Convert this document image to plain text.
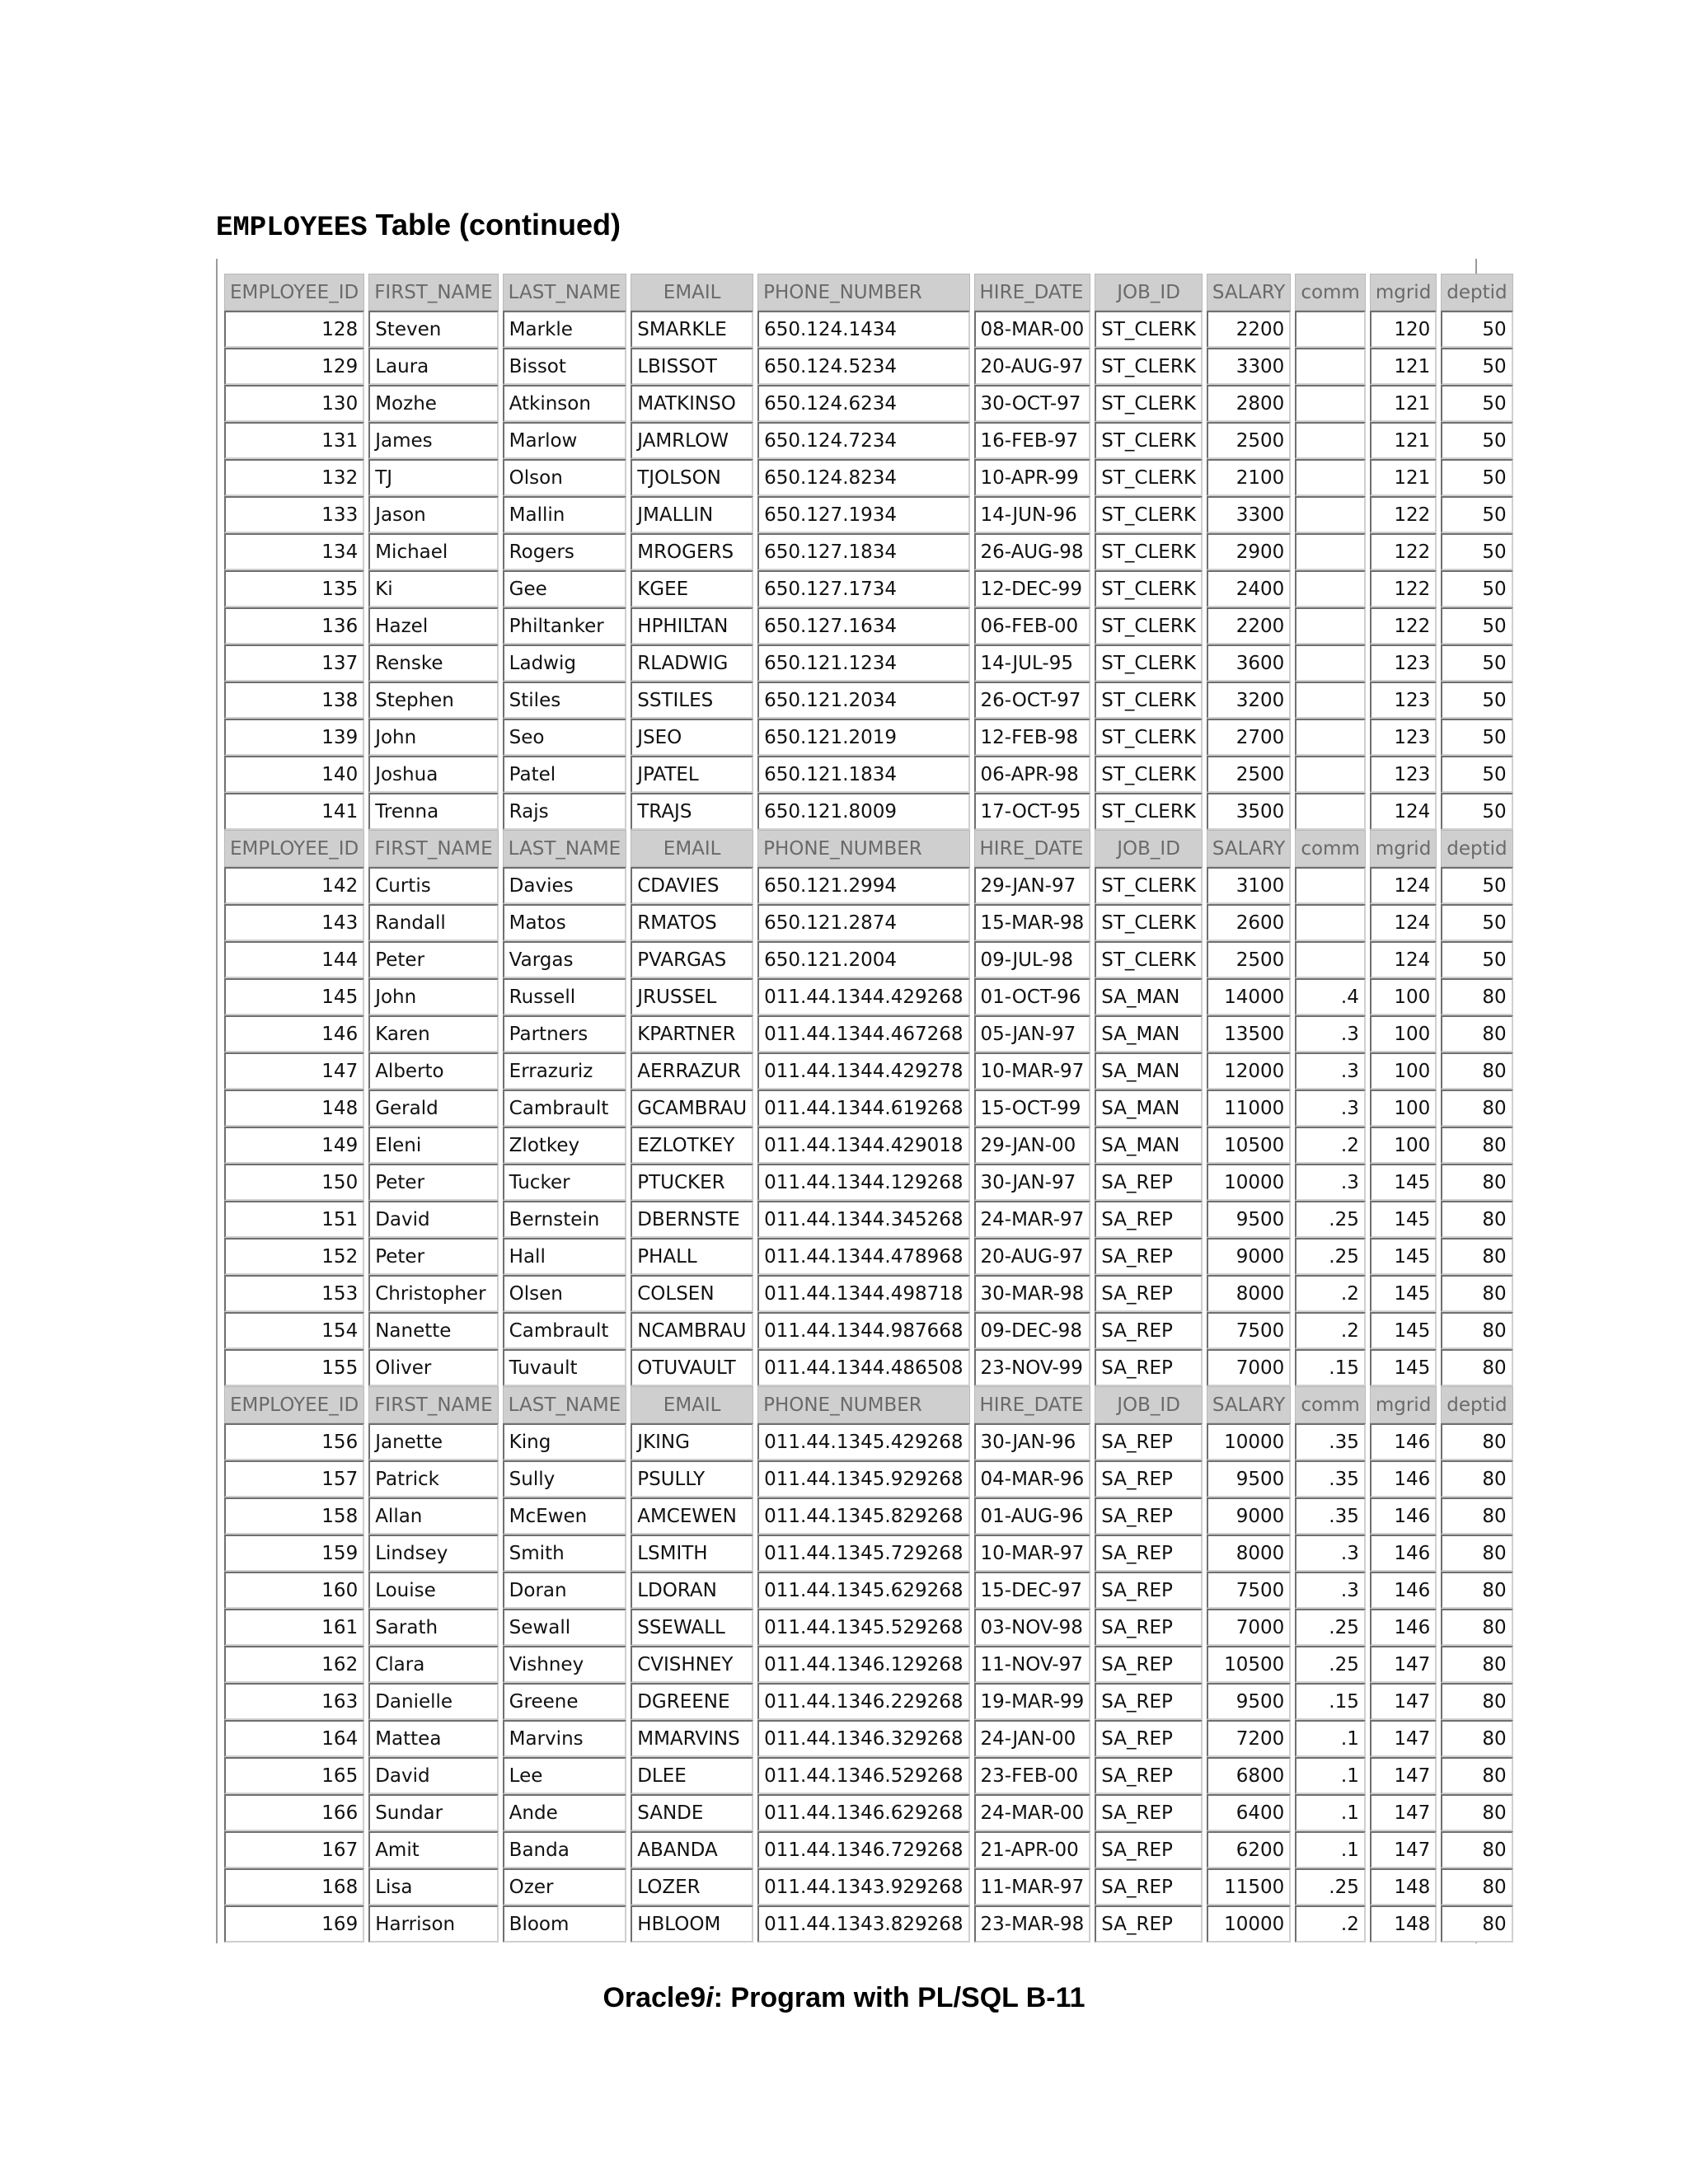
EMPLOYEES Table (continued)
EMPLOYEE_ID	FIRST_NAME	LAST_NAME	EMAIL	PHONE_NUMBER	HIRE_DATE	JOB_ID	SALARY	comm	mgrid	deptid
128	Steven	Markle	SMARKLE	650.124.1434	08-MAR-00	ST_CLERK	2200		120	50
129	Laura	Bissot	LBISSOT	650.124.5234	20-AUG-97	ST_CLERK	3300		121	50
130	Mozhe	Atkinson	MATKINSO	650.124.6234	30-OCT-97	ST_CLERK	2800		121	50
131	James	Marlow	JAMRLOW	650.124.7234	16-FEB-97	ST_CLERK	2500		121	50
132	TJ	Olson	TJOLSON	650.124.8234	10-APR-99	ST_CLERK	2100		121	50
133	Jason	Mallin	JMALLIN	650.127.1934	14-JUN-96	ST_CLERK	3300		122	50
134	Michael	Rogers	MROGERS	650.127.1834	26-AUG-98	ST_CLERK	2900		122	50
135	Ki	Gee	KGEE	650.127.1734	12-DEC-99	ST_CLERK	2400		122	50
136	Hazel	Philtanker	HPHILTAN	650.127.1634	06-FEB-00	ST_CLERK	2200		122	50
137	Renske	Ladwig	RLADWIG	650.121.1234	14-JUL-95	ST_CLERK	3600		123	50
138	Stephen	Stiles	SSTILES	650.121.2034	26-OCT-97	ST_CLERK	3200		123	50
139	John	Seo	JSEO	650.121.2019	12-FEB-98	ST_CLERK	2700		123	50
140	Joshua	Patel	JPATEL	650.121.1834	06-APR-98	ST_CLERK	2500		123	50
141	Trenna	Rajs	TRAJS	650.121.8009	17-OCT-95	ST_CLERK	3500		124	50
EMPLOYEE_ID	FIRST_NAME	LAST_NAME	EMAIL	PHONE_NUMBER	HIRE_DATE	JOB_ID	SALARY	comm	mgrid	deptid
142	Curtis	Davies	CDAVIES	650.121.2994	29-JAN-97	ST_CLERK	3100		124	50
143	Randall	Matos	RMATOS	650.121.2874	15-MAR-98	ST_CLERK	2600		124	50
144	Peter	Vargas	PVARGAS	650.121.2004	09-JUL-98	ST_CLERK	2500		124	50
145	John	Russell	JRUSSEL	011.44.1344.429268	01-OCT-96	SA_MAN	14000	.4	100	80
146	Karen	Partners	KPARTNER	011.44.1344.467268	05-JAN-97	SA_MAN	13500	.3	100	80
147	Alberto	Errazuriz	AERRAZUR	011.44.1344.429278	10-MAR-97	SA_MAN	12000	.3	100	80
148	Gerald	Cambrault	GCAMBRAU	011.44.1344.619268	15-OCT-99	SA_MAN	11000	.3	100	80
149	Eleni	Zlotkey	EZLOTKEY	011.44.1344.429018	29-JAN-00	SA_MAN	10500	.2	100	80
150	Peter	Tucker	PTUCKER	011.44.1344.129268	30-JAN-97	SA_REP	10000	.3	145	80
151	David	Bernstein	DBERNSTE	011.44.1344.345268	24-MAR-97	SA_REP	9500	.25	145	80
152	Peter	Hall	PHALL	011.44.1344.478968	20-AUG-97	SA_REP	9000	.25	145	80
153	Christopher	Olsen	COLSEN	011.44.1344.498718	30-MAR-98	SA_REP	8000	.2	145	80
154	Nanette	Cambrault	NCAMBRAU	011.44.1344.987668	09-DEC-98	SA_REP	7500	.2	145	80
155	Oliver	Tuvault	OTUVAULT	011.44.1344.486508	23-NOV-99	SA_REP	7000	.15	145	80
EMPLOYEE_ID	FIRST_NAME	LAST_NAME	EMAIL	PHONE_NUMBER	HIRE_DATE	JOB_ID	SALARY	comm	mgrid	deptid
156	Janette	King	JKING	011.44.1345.429268	30-JAN-96	SA_REP	10000	.35	146	80
157	Patrick	Sully	PSULLY	011.44.1345.929268	04-MAR-96	SA_REP	9500	.35	146	80
158	Allan	McEwen	AMCEWEN	011.44.1345.829268	01-AUG-96	SA_REP	9000	.35	146	80
159	Lindsey	Smith	LSMITH	011.44.1345.729268	10-MAR-97	SA_REP	8000	.3	146	80
160	Louise	Doran	LDORAN	011.44.1345.629268	15-DEC-97	SA_REP	7500	.3	146	80
161	Sarath	Sewall	SSEWALL	011.44.1345.529268	03-NOV-98	SA_REP	7000	.25	146	80
162	Clara	Vishney	CVISHNEY	011.44.1346.129268	11-NOV-97	SA_REP	10500	.25	147	80
163	Danielle	Greene	DGREENE	011.44.1346.229268	19-MAR-99	SA_REP	9500	.15	147	80
164	Mattea	Marvins	MMARVINS	011.44.1346.329268	24-JAN-00	SA_REP	7200	.1	147	80
165	David	Lee	DLEE	011.44.1346.529268	23-FEB-00	SA_REP	6800	.1	147	80
166	Sundar	Ande	SANDE	011.44.1346.629268	24-MAR-00	SA_REP	6400	.1	147	80
167	Amit	Banda	ABANDA	011.44.1346.729268	21-APR-00	SA_REP	6200	.1	147	80
168	Lisa	Ozer	LOZER	011.44.1343.929268	11-MAR-97	SA_REP	11500	.25	148	80
169	Harrison	Bloom	HBLOOM	011.44.1343.829268	23-MAR-98	SA_REP	10000	.2	148	80
Oracle9i: Program with PL/SQL B-11
